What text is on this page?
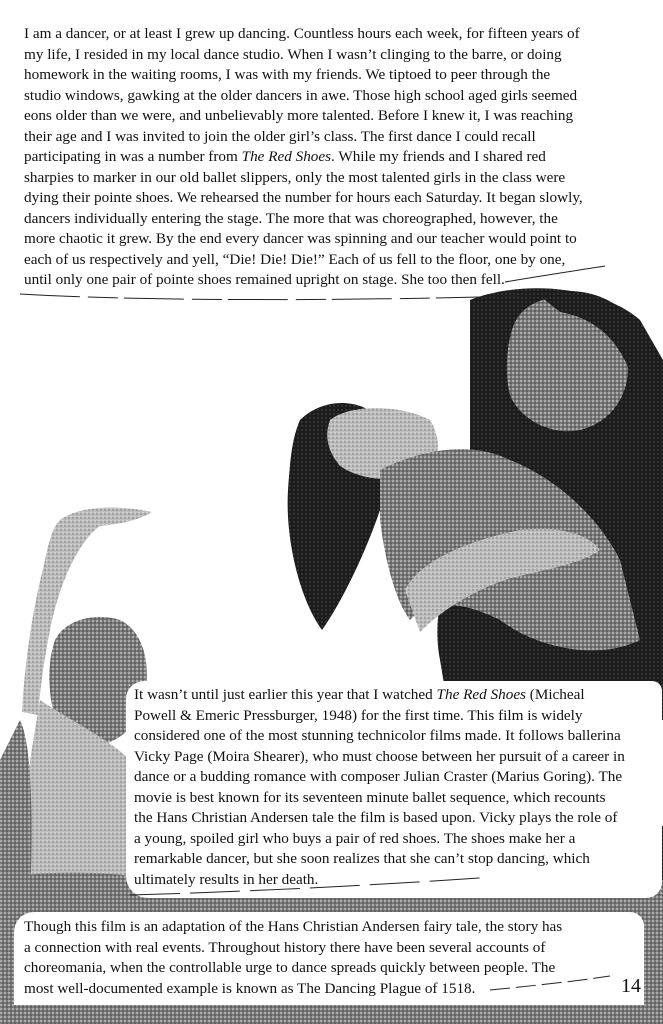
I am a dancer, or at least I grew up dancing. Countless hours each week, for fifteen years of
my life, I resided in my local dance studio. When I wasn’t clinging to the barre, or doing
homework in the waiting rooms, I was with my friends. We tiptoed to peer through the
studio windows, gawking at the older dancers in awe. Those high school aged girls seemed
eons older than we were, and unbelievably more talented. Before I knew it, I was reaching
their age and I was invited to join the older girl’s class. The first dance I could recall
participating in was a number from The Red Shoes. While my friends and I shared red
sharpies to marker in our old ballet slippers, only the most talented girls in the class were
dying their pointe shoes. We rehearsed the number for hours each Saturday. It began slowly,
dancers individually entering the stage. The more that was choreographed, however, the
more chaotic it grew. By the end every dancer was spinning and our teacher would point to
each of us respectively and yell, “Die! Die! Die!” Each of us fell to the floor, one by one,
until only one pair of pointe shoes remained upright on stage. She too then fell.

It wasn’t until just earlier this year that I watched The Red Shoes (Micheal
Powell & Emeric Pressburger, 1948) for the first time. This film is widely
considered one of the most stunning technicolor films made. It follows ballerina
Vicky Page (Moira Shearer), who must choose between her pursuit of a career in
dance or a budding romance with composer Julian Craster (Marius Goring). The
movie is best known for its seventeen minute ballet sequence, which recounts
the Hans Christian Andersen tale the film is based upon. Vicky plays the role of
a young, spoiled girl who buys a pair of red shoes. The shoes make her a
remarkable dancer, but she soon realizes that she can’t stop dancing, which
ultimately results in her death.

Though this film is an adaptation of the Hans Christian Andersen fairy tale, the story has
a connection with real events. Throughout history there have been several accounts of
choreomania, when the controllable urge to dance spreads quickly between people. The
most well-documented example is known as The Dancing Plague of 1518.	14
